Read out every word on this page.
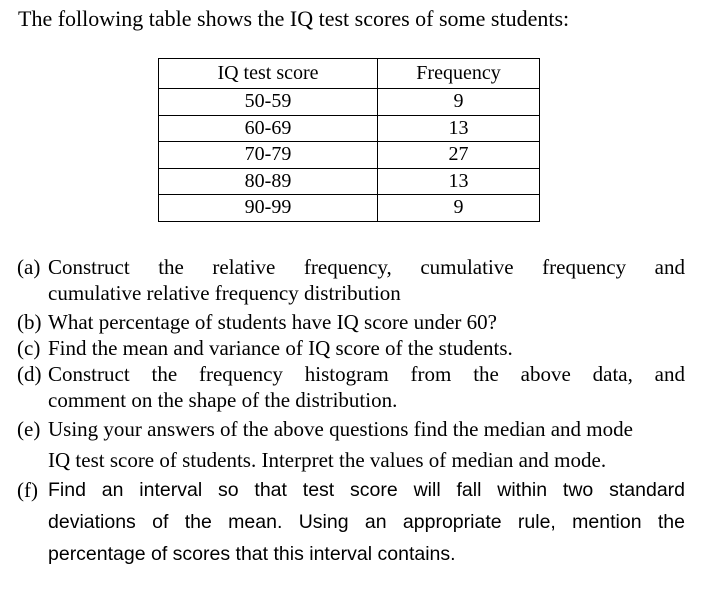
The following table shows the IQ test scores of some students:

IQ test score	Frequency
50-59	9
60-69	13
70-79	27
80-89	13
90-99	9
(a) Construct the relative frequency, cumulative frequency and
cumulative relative frequency distribution
(b) What percentage of students have IQ score under 60?
(c) Find the mean and variance of IQ score of the students.
(d) Construct the frequency histogram from the above data, and
comment on the shape of the distribution.
(e) Using your answers of the above questions find the median and mode
IQ test score of students. Interpret the values of median and mode.
(f) Find an interval so that test score will fall within two standard
deviations of the mean. Using an appropriate rule, mention the
percentage of scores that this interval contains.
